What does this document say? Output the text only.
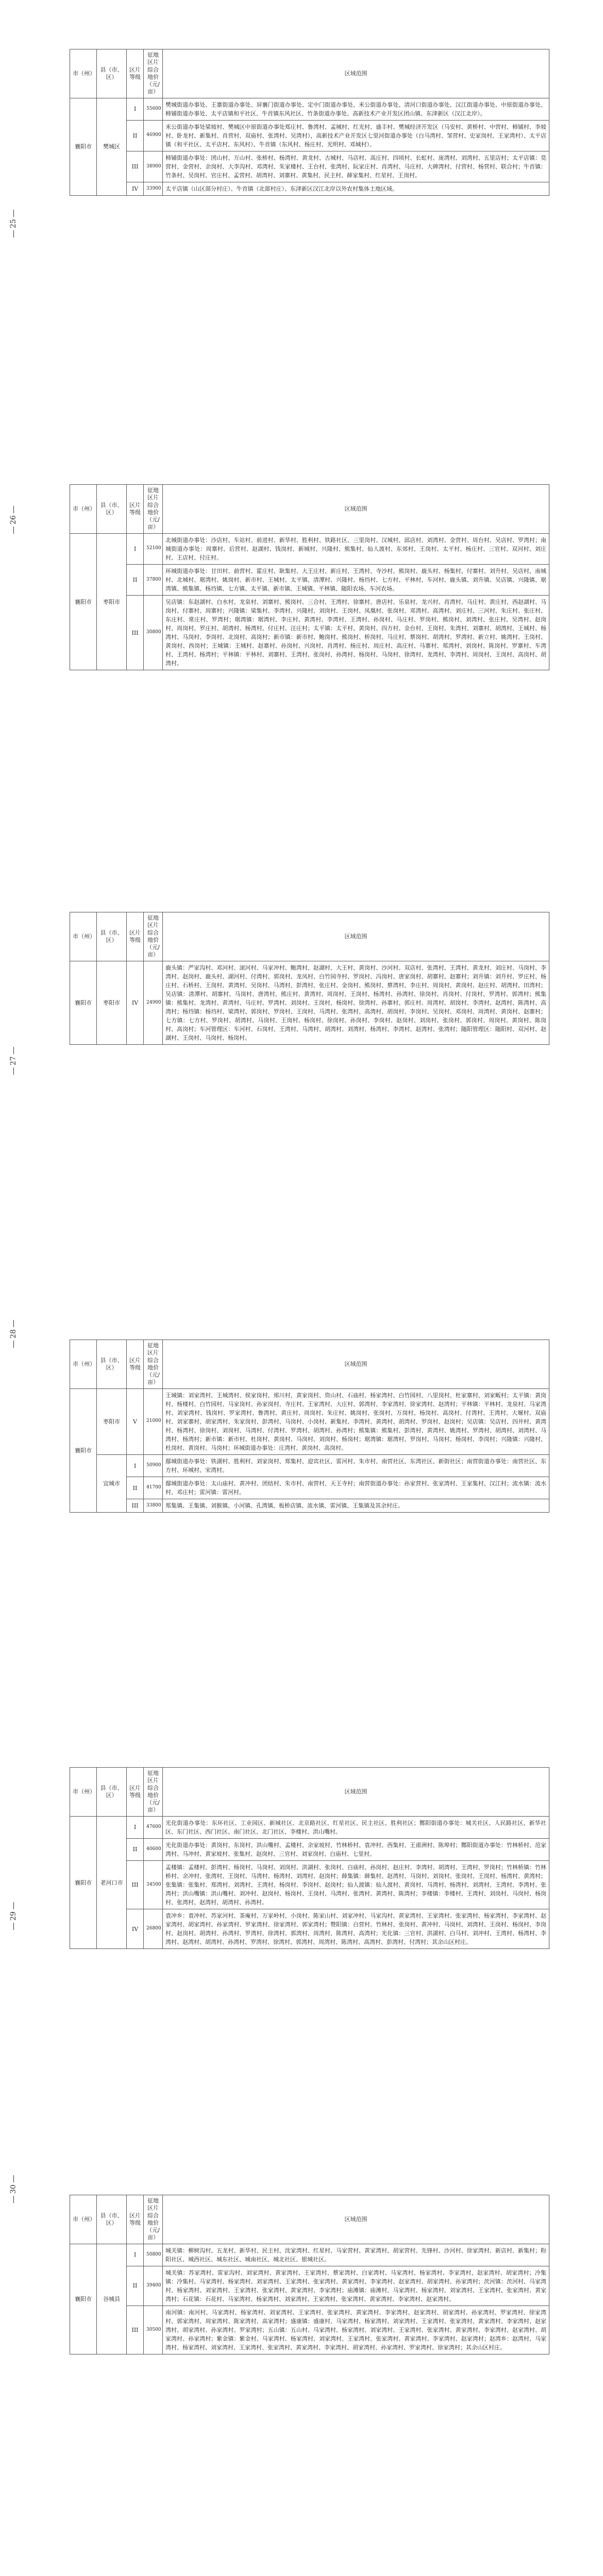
25
市（州）	县（市、区）	区片等级	征地区片综合地价（元/亩）	区域范围
襄阳市	樊城区	I	55600	樊城街道办事处、王寨街道办事处、屏襄门街道办事处、定中门街道办事处、米公街道办事处、清河口街道办事处、汉江街道办事处、中原街道办事处、柿铺街道办事处、太平店镇和平社区、牛首镇东风社区、竹条街道办事处、高新技术产业开发区团山镇、东津新区（汉江北岸）。
		II	46900	米公街道办事处梁坡村、樊城区中原街道办事处郑庄村、鲁湾村、孟城村、红光村、盛丰村、樊城经济开发区（马安村、黄桥村、中营村、柿铺村、李坡村、卧龙村、新集村、肖营村、双庙村、张湾村、吴湾村），高新技术产业开发区七里河街道办事处（白马湾村、邹营村、史家岗村、王家湾村）、太平店镇（和平社区、太平店村、东风村）、牛首镇（东风村、杨庄村、光明村、邓城村）。
		III	38900	柿铺街道办事处：团山村、万山村、张桥村、杨湾村、黄龙村、古城村、马店村、高庄村、四顷村、长虹村、庞湾村、刘湾村、五里店村；太平店镇：莫营村、金营村、余岗村、大李沟村、邓湾村、朱家楼村、王台村、张湾村、阮家庄村、肖湾村、马庄村、大碑湾村、付营村、杨营村、联合村；牛首镇：竹条村、吴岗村、官庄村、孟营村、胡湾村、刘寨村、黄集村、民主村、薛家集村、红星村、王岗村。
		IV	33900	太平店镇（山区部分村庄）、牛首镇（北部村庄）、东津新区汉江北岸以外农村集体土地区域。
26
市（州）	县（市、区）	区片等级	征地区片综合地价（元/亩）	区域范围
襄阳市	枣阳市	I	52100	北城街道办事处：沙店村、车站村、前进村、新华村、胜利村、铁路社区、三里岗村、汉城村、邱店村、刘湾村、金营村、周台村、吴店村、罗湾村；南城街道办事处：周寨村、后营村、赵湖村、钱岗村、新城村、兴隆村、熊集村、仙人渡村、东郊村、王岗村、太平村、杨庄村、三官村、双河村、刘庄村、王店村、付庄村。
		II	37800	环城街道办事处：甘田村、前营村、霍庄村、耿集村、大王庄村、新庄村、王湾村、寺沙村、熊岗村、鹿头村、杨集村、付寨村、刘升村、吴店村、南城村、北城村、琚湾村、姚岗村、新市村、王城村、太平镇、清潭村、兴隆村、杨垱村、七方村、平林村、车河村、鹿头镇、刘升镇、吴店镇、兴隆镇、琚湾镇、熊集镇、杨垱镇、七方镇、太平镇、新市镇、王城镇、平林镇、随阳农场、车河农场。
		III	30800	吴店镇：东赵湖村、白水村、龙泉村、刘寨村、熊岗村、三合村、王湾村、徐寨村、唐店村、乐泉村、龙兴村、肖湾村、马庄村、黄庄村、西赵湖村、马岗村、付寨村、周寨村；兴隆镇：梁集村、李湾村、兴隆村、刘岗村、王岗村、凤凰村、张岗村、邓湾村、高湾村、刘庄村、三河村、朱庄村、张庄村、东庄村、常庄村、罗湾村；琚湾镇：琚湾村、李庄村、黄湾村、李湾村、王湾村、孙岗村、马庄村、罗岗村、熊岗村、刘湾村、张庄村、吴湾村、赵岗村、周岗村、罗庄村、胡湾村、杨湾村、付庄村、汪庄村；太平镇：太平村、黄岗村、四方村、金台村、王岗村、朱湾村、刘寨村、胡湾村、王城村、杨湾村、马岗村、李岗村、北岗村、高岗村；新市镇：新市村、鲍岗村、熊岗村、桥岗村、马庄村、蔡岗村、胡湾村、罗湾村、新立村、姚湾村、王岗村、黄岗村、西岗村；王城镇：王城村、赵寨村、孙岗村、兴岗村、肖湾村、杨庄村、周庄村、高庄村、马寨村、郑湾村、刘岗村、陈岗村、罗寨村、车湾村、王湾村、杨湾村；平林镇：平林村、刘寨村、王湾村、张岗村、孙湾村、杨岗村、马岗村、徐湾村、龙湾村、李湾村、周岗村、王岗村、高岗村、胡湾村。
27
市（州）	县（市、区）	区片等级	征地区片综合地价（元/亩）	区域范围
襄阳市	枣阳市	IV	24900	鹿头镇：严家沟村、邓河村、滚河村、马家冲村、鲍湾村、赵湖村、大王村、黄岗村、沙河村、双店村、张湾村、王湾村、黄龙村、刘庄村、马岗村、李湾村、赵岗村、鹿头村、湖河村、付湾村、郭岗村、龙凤村、白竹园寺村、罗岗村、冯岗村、唐家岗村、胡寨村、赵寨村；刘升镇：刘升村、罗庄村、杨庄村、石桥村、王岗村、黄湾村、吴岗村、马湾村、彭湾村、张庄村、金岗村、熊岗村、蔡湾村、李庄村、周岗村、黄岗村、赵庄村、胡湾村、田湾村；吴店镇：清潭村、胡寨村、马岗村、唐湾村、熊庄村、黄湾村、周岗村、王岗村、杨湾村、孙湾村、徐岗村、肖岗村、付岗村、罗湾村、郭湾村；熊集镇：熊集村、龙湾村、黄湾村、马庄村、罗湾村、刘岗村、王岗村、杨岗村、徐湾村、孙寨村、郭庄村、周湾村、胡岗村、李湾村、赵湾村、陈湾村、高湾村；杨垱镇：杨垱村、梁湾村、郭岗村、罗岗村、王岗村、马湾村、张湾村、高湾村、胡岗村、李岗村、吴岗村、邓岗村、周湾村、黄岗村、赵寨村；七方镇：七方村、罗岗村、胡湾村、马岗村、王岗村、杨岗村、徐岗村、孙岗村、李岗村、赵岗村、刘岗村、张岗村、郭岗村、周岗村、黄岗村、陈岗村、高岗村；车河管理区：车河村、石岗村、王湾村、马湾村、胡湾村、刘湾村、杨湾村、李湾村、赵湾村、张湾村；随阳管理区：随阳村、双河村、赵湖村、王岗村、马岗村、杨岗村。
28
市（州）	县（市、区）	区片等级	征地区片综合地价（元/亩）	区域范围
襄阳市	枣阳市	V	21000	王城镇：刘家湾村、王城湾村、侯家岗村、邢川村、黄家岗村、资山村、石庙村、杨家湾村、白竹园村、八里岗村、杜家寨村、刘家畈村；太平镇：黄岗村、杨楼村、白竹园村、马家岗村、孙家岗村、寺庄村、王家湾村、大庄村、郭湾村、李家湾村、徐家湾村、赵湾村；平林镇：平林村、龙泉村、马家湾村、刘家湾村、钱岗村、罗家湾村、鲁湾村、黄庄村、周岗村、朱庄村、姚岗村、张岗村、万岗村、杨岗村、高岗村、付湾村、王湾村、大堰村、双庙村、刘家寨村、胡家湾村、朱家岗村、彭湾村、马岗村、小岗村、新集村、李湾村、黄湾村、胡湾村、罗岗村、赵岗村；吴店镇：吴店村、四井村、黄湾村、杨湾村、徐岗村、刘岗村、马湾村、付湾村、罗湾村、胡湾村、孙湾村；熊集镇：熊集村、彭湾村、黄湾村、姚湾村、罗湾村、胡湾村、刘湾村、马湾村、杨湾村；新市镇：新市村、杜岗村、黄岗村、马岗村、刘岗村、杨岗村；琚湾镇：琚湾村、罗岗村、马岗村、杨岗村、李岗村；兴隆镇：兴隆村、杜岗村、黄岗村、马岗村；环城街道办事处：庄湾村、黄岗村、高岗村。
	宜城市	I	50900	鄢城街道办事处：铁湖村、胜利村、刘家岗村、郑集村、迎宾社区、雷河村、朱市村、南营社区、东湾社区、新街社区；南营街道办事处：南营社区、东方村、环城村、宋湾村。
		II	41700	鄢城街道办事处：太山庙村、黄冲村、团结村、朱市村、南营村、天王寺村；南营街道办事处：孙家营村、张家湾村、王家集村、汉江村；流水镇：流水村、邓庄村；雷河镇：雷河村。
		III	33800	郑集镇、王集镇、刘猴镇、小河镇、孔湾镇、板桥店镇、流水镇、雷河镇、王集镇及其余村庄。
29
市（州）	县（市、区）	区片等级	征地区片综合地价（元/亩）	区域范围
襄阳市	老河口市	I	47600	光化街道办事处：东环社区、工业园区、新城社区、北京路社区、红星社区、民主社区、胜利社区；酂阳街道办事处：城关社区、人民路社区、新华社区、东门社区、西门社区、南门社区、北门社区、李楼村、洪山嘴村。
		II	40600	光化街道办事处：黄岗村、东岗村、洪山嘴村、孟楼村、余家坡村、竹林桥村、袁冲村、西集村、王甫洲村、陈埠村；酂阳街道办事处：竹林桥村、范家湾村、马冲村、黄家坡村、张集村、赵岗村、三官村、刘家岗村、白庙村、七里村。
		III	34500	孟楼镇：孟楼村、彭湾村、杨岗村、马岗村、刘岗村、洪湖村、张岗村、白庙村、孙岗村、赵庄村、李湾村、胡湾村、王湾村、罗岗村；竹林桥镇：竹林桥村、余冲村、张湾村、王岗村、马湾村、杨湾村、刘湾村、赵岗村；薛集镇：薛集村、赵湾村、马岗村、刘岗村、张岗村、王岗村、杨湾村、黄湾村；张集镇：张集村、郑湾村、刘湾村、王湾村、杨岗村、李岗村、赵岗村；仙人渡镇：仙人渡村、黄岗村、马湾村、杨湾村、刘湾村、王湾村、李湾村、张湾村；洪山嘴镇：洪山嘴村、刘冲村、赵岗村、杨岗村、王岗村、马湾村、张湾村、黄湾村、陈湾村；李楼镇：李楼村、王湾村、刘岗村、马岗村、杨岗村、张湾村、赵湾村、胡湾村、孙湾村。
		IV	26800	袁冲乡：袁冲村、苏家河村、茶庵村、万家岭村、小岗村、陈家山村、刘家冲村、马家沟村、黄家湾村、王家湾村、张家湾村、杨家湾村、李家湾村、赵家湾村、胡家湾村、孙家湾村、罗家湾村、徐家湾村、郭家湾村；赞阳镇：白营村、竹林村、张岗村、黄冲村、马岗村、刘湾村、王岗村、杨岗村、李岗村、赵岗村、胡湾村、孙湾村、罗湾村、徐湾村、郭湾村、周湾村、陈湾村、高湾村；光化镇：三官村、洪湖村、白马村、刘冲村、王湾村、杨湾村、李湾村、赵湾村、胡湾村、孙湾村、罗湾村、徐湾村、郭湾村、周湾村、陈湾村、高湾村、彭湾村、付湾村；其余山区村庄。
30
市（州）	县（市、区）	区片等级	征地区片综合地价（元/亩）	区域范围
襄阳市	谷城县	I	50800	城关镇：柳树沟村、五龙村、新华村、民主村、沈家湾村、红星村、马家营村、黄家湾村、胡家营村、先锋村、沙河村、徐家湾村、新店村、新集村；粉阳社区、城西社区、城东社区、城南社区、城北社区、银城社区。
		II	39400	城关镇：苏家湾村、雷家沟村、刘家湾村、黄家湾村、王家湾村、蔡家湾村、白家湾村、马家湾村、杨家湾村、李家湾村、赵家湾村、胡家湾村；冷集镇：冷集村、马家湾村、杨家湾村、刘家湾村、王家湾村、张家湾村、黄家湾村、李家湾村、赵家湾村、胡家湾村、孙家湾村；茨河镇：茨河村、马家湾村、杨家湾村、刘家湾村、王家湾村、张家湾村、黄家湾村、李家湾村；庙滩镇：庙滩村、马家湾村、杨家湾村、刘家湾村、王家湾村、张家湾村、黄家湾村；石花镇：石花村、马家湾村、杨家湾村、刘家湾村、王家湾村、张家湾村、黄家湾村、李家湾村、赵家湾村。
		III	30500	南河镇：南河村、马家湾村、杨家湾村、刘家湾村、王家湾村、张家湾村、黄家湾村、李家湾村、赵家湾村、胡家湾村、孙家湾村、罗家湾村、徐家湾村、郭家湾村、周家湾村、陈家湾村、高家湾村；盛康镇：盛康村、马家湾村、杨家湾村、刘家湾村、王家湾村、张家湾村、黄家湾村、李家湾村、赵家湾村、胡家湾村、孙家湾村、罗家湾村；五山镇：五山村、马家湾村、杨家湾村、刘家湾村、王家湾村、张家湾村、黄家湾村、李家湾村、赵家湾村、胡家湾村、孙家湾村；紫金镇：紫金村、马家湾村、杨家湾村、刘家湾村、王家湾村、张家湾村、黄家湾村、李家湾村、赵家湾村；赵湾乡：赵湾村、马家湾村、杨家湾村、刘家湾村、王家湾村、张家湾村、黄家湾村、李家湾村、胡家湾村、孙家湾村、罗家湾村、徐家湾村；其余山区村庄。
